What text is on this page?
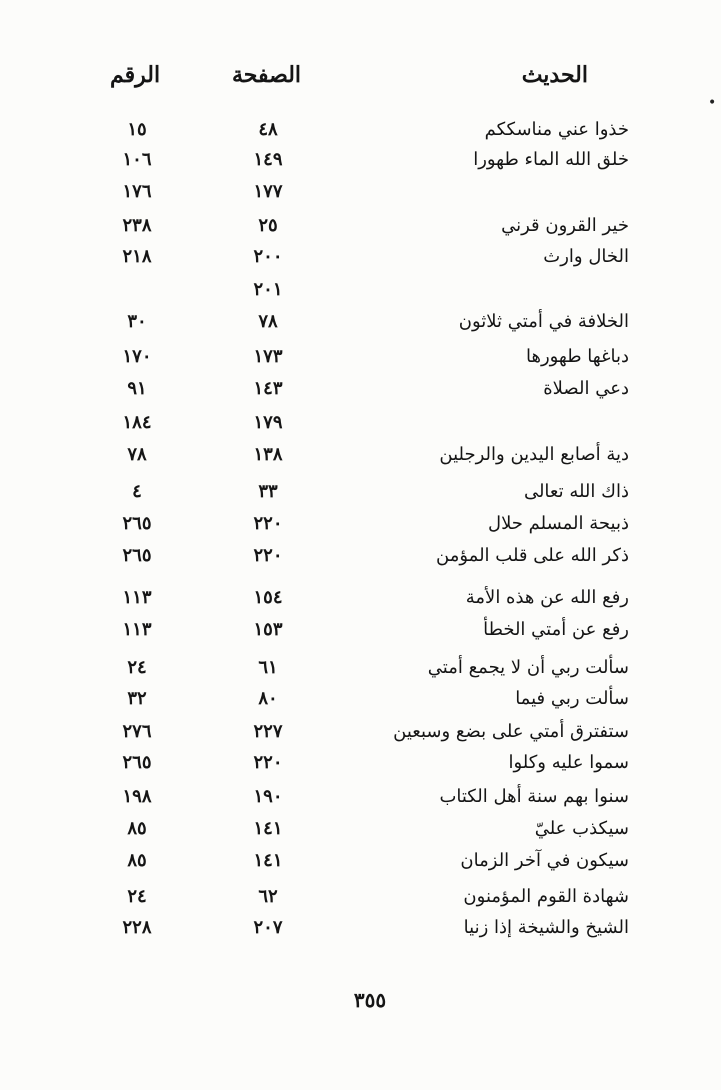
•
الحديث
الصفحة
الرقم
خذوا عني مناسككم
٤٨
١٥
خلق الله الماء طهورا
١٤٩
١٠٦
١٧٧
١٧٦
خير القرون قرني
٢٥
٢٣٨
الخال وارث
٢٠٠
٢١٨
٢٠١
الخلافة في أمتي ثلاثون
٧٨
٣٠
دباغها طهورها
١٧٣
١٧٠
دعي الصلاة
١٤٣
٩١
١٧٩
١٨٤
دية أصابع اليدين والرجلين
١٣٨
٧٨
ذاك الله تعالى
٣٣
٤
ذبيحة المسلم حلال
٢٢٠
٢٦٥
ذكر الله على قلب المؤمن
٢٢٠
٢٦٥
رفع الله عن هذه الأمة
١٥٤
١١٣
رفع عن أمتي الخطأ
١٥٣
١١٣
سألت ربي أن لا يجمع أمتي
٦١
٢٤
سألت ربي فيما
٨٠
٣٢
ستفترق أمتي على بضع وسبعين
٢٢٧
٢٧٦
سموا عليه وكلوا
٢٢٠
٢٦٥
سنوا بهم سنة أهل الكتاب
١٩٠
١٩٨
سيكذب عليّ
١٤١
٨٥
سيكون في آخر الزمان
١٤١
٨٥
شهادة القوم المؤمنون
٦٢
٢٤
الشيخ والشيخة إذا زنيا
٢٠٧
٢٢٨
٣٥٥
